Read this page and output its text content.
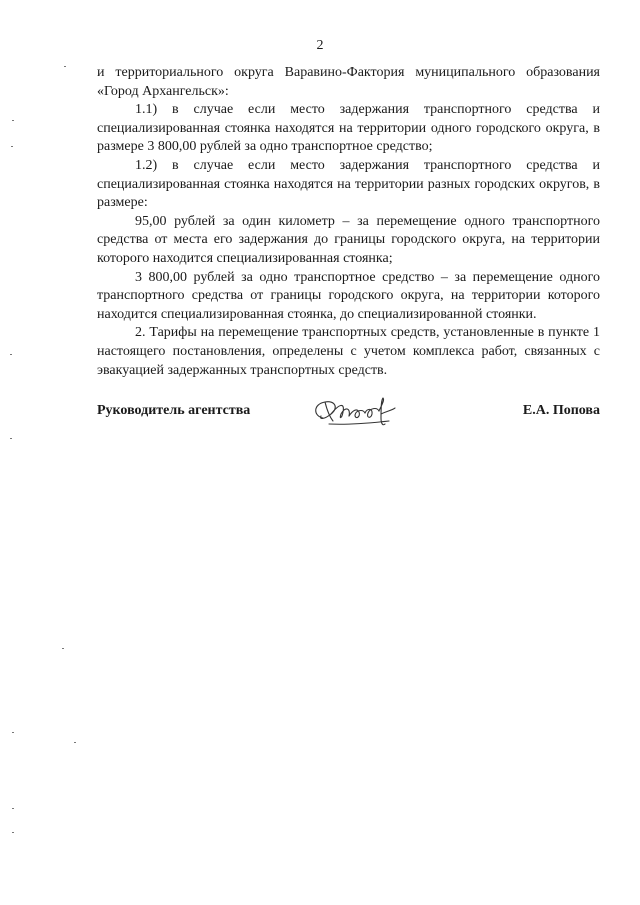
2

и территориального округа Варавино-Фактория муниципального образования «Город Архангельск»:

1.1) в случае если место задержания транспортного средства и специализированная стоянка находятся на территории одного городского округа, в размере 3 800,00 рублей за одно транспортное средство;

1.2) в случае если место задержания транспортного средства и специализированная стоянка находятся на территории разных городских округов, в размере:

95,00 рублей за один километр – за перемещение одного транспортного средства от места его задержания до границы городского округа, на территории которого находится специализированная стоянка;

3 800,00 рублей за одно транспортное средство – за перемещение одного транспортного средства от границы городского округа, на территории которого находится специализированная стоянка, до специализированной стоянки.

2. Тарифы на перемещение транспортных средств, установленные в пункте 1 настоящего постановления, определены с учетом комплекса работ, связанных с эвакуацией задержанных транспортных средств.

Руководитель агентства	Е.А. Попова
